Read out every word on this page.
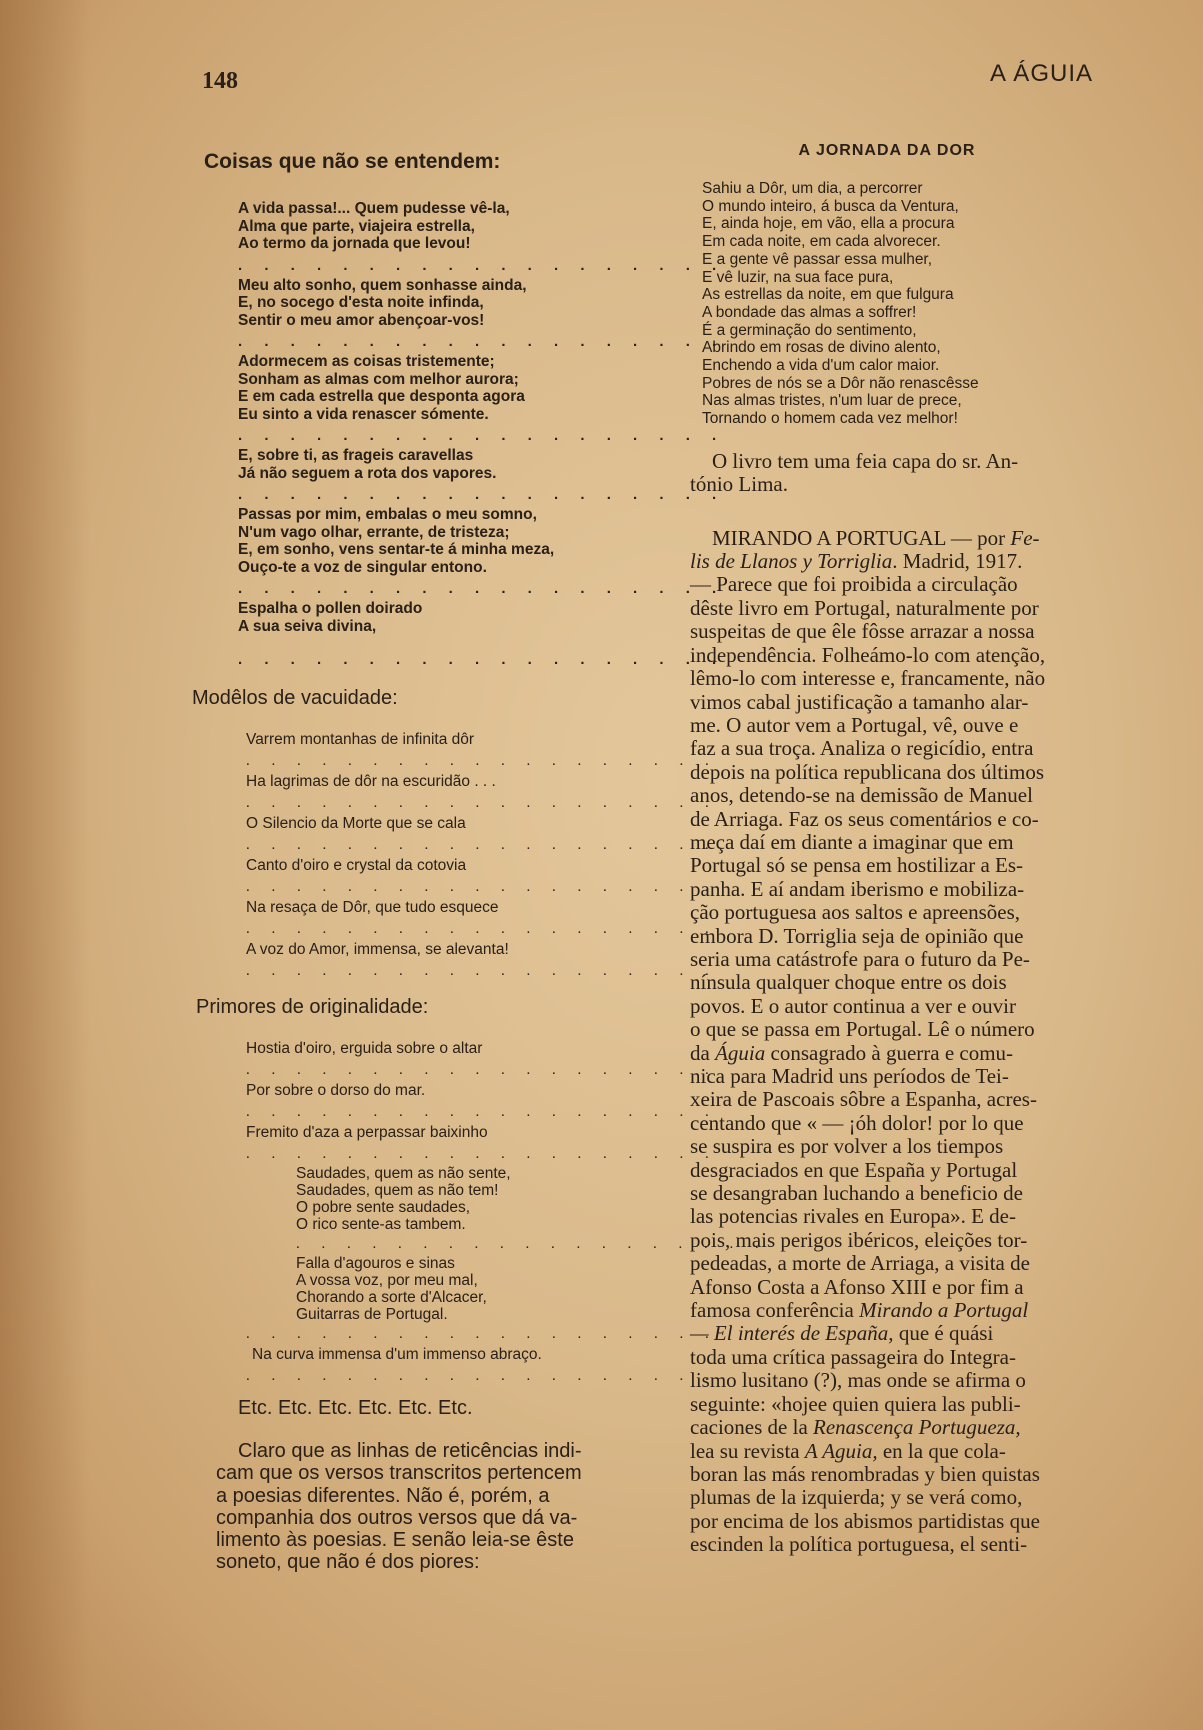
148	A ÁGUIA
Coisas que não se entendem:
A vida passa!... Quem pudesse vê-la,
Alma que parte, viajeira estrella,
Ao termo da jornada que levou!
. . . . . . . . . . . . . . . . . . .
Meu alto sonho, quem sonhasse ainda,
E, no socego d'esta noite infinda,
Sentir o meu amor abençoar-vos!
. . . . . . . . . . . . . . . . . . .
Adormecem as coisas tristemente;
Sonham as almas com melhor aurora;
E em cada estrella que desponta agora
Eu sinto a vida renascer sómente.
. . . . . . . . . . . . . . . . . . .
E, sobre ti, as frageis caravellas
Já não seguem a rota dos vapores.
. . . . . . . . . . . . . . . . . . .
Passas por mim, embalas o meu somno,
N'um vago olhar, errante, de tristeza;
E, em sonho, vens sentar-te á minha meza,
Ouço-te a voz de singular entono.
. . . . . . . . . . . . . . . . . . .
Espalha o pollen doirado
A sua seiva divina,
. . . . . . . . . . . . . . . . . . .
Modêlos de vacuidade:
Varrem montanhas de infinita dôr
. . . . . . . . . . . . . . . . . . .
Ha lagrimas de dôr na escuridão . . .
. . . . . . . . . . . . . . . . . . .
O Silencio da Morte que se cala
. . . . . . . . . . . . . . . . . . .
Canto d'oiro e crystal da cotovia
. . . . . . . . . . . . . . . . . . .
Na resaça de Dôr, que tudo esquece
. . . . . . . . . . . . . . . . . . .
A voz do Amor, immensa, se alevanta!
. . . . . . . . . . . . . . . . . . .
Primores de originalidade:
Hostia d'oiro, erguida sobre o altar
. . . . . . . . . . . . . . . . . . .
Por sobre o dorso do mar.
. . . . . . . . . . . . . . . . . . .
Fremito d'aza a perpassar baixinho
. . . . . . . . . . . . . . . . . . .
Saudades, quem as não sente,
Saudades, quem as não tem!
O pobre sente saudades,
O rico sente-as tambem.
. . . . . . . . . . . . . . . . . . .
Falla d'agouros e sinas
A vossa voz, por meu mal,
Chorando a sorte d'Alcacer,
Guitarras de Portugal.
. . . . . . . . . . . . . . . . . . .
Na curva immensa d'um immenso abraço.
. . . . . . . . . . . . . . . . . . .
Etc. Etc. Etc. Etc. Etc. Etc.
Claro que as linhas de reticências indi-
cam que os versos transcritos pertencem
a poesias diferentes. Não é, porém, a
companhia dos outros versos que dá va-
limento às poesias. E senão leia-se êste
soneto, que não é dos piores:
A JORNADA DA DOR
Sahiu a Dôr, um dia, a percorrer
O mundo inteiro, á busca da Ventura,
E, ainda hoje, em vão, ella a procura
Em cada noite, em cada alvorecer.
E a gente vê passar essa mulher,
E vê luzir, na sua face pura,
As estrellas da noite, em que fulgura
A bondade das almas a soffrer!
É a germinação do sentimento,
Abrindo em rosas de divino alento,
Enchendo a vida d'um calor maior.
Pobres de nós se a Dôr não renascêsse
Nas almas tristes, n'um luar de prece,
Tornando o homem cada vez melhor!
O livro tem uma feia capa do sr. An-
tónio Lima.
MIRANDO A PORTUGAL — por Fe-
lis de Llanos y Torriglia. Madrid, 1917.
— Parece que foi proibida a circulação
dêste livro em Portugal, naturalmente por
suspeitas de que êle fôsse arrazar a nossa
independência. Folheámo-lo com atenção,
lêmo-lo com interesse e, francamente, não
vimos cabal justificação a tamanho alar-
me. O autor vem a Portugal, vê, ouve e
faz a sua troça. Analiza o regicídio, entra
depois na política republicana dos últimos
anos, detendo-se na demissão de Manuel
de Arriaga. Faz os seus comentários e co-
meça daí em diante a imaginar que em
Portugal só se pensa em hostilizar a Es-
panha. E aí andam iberismo e mobiliza-
ção portuguesa aos saltos e apreensões,
embora D. Torriglia seja de opinião que
seria uma catástrofe para o futuro da Pe-
nínsula qualquer choque entre os dois
povos. E o autor continua a ver e ouvir
o que se passa em Portugal. Lê o número
da Águia consagrado à guerra e comu-
nica para Madrid uns períodos de Tei-
xeira de Pascoais sôbre a Espanha, acres-
centando que « — ¡óh dolor! por lo que
se suspira es por volver a los tiempos
desgraciados en que España y Portugal
se desangraban luchando a beneficio de
las potencias rivales en Europa». E de-
pois, mais perigos ibéricos, eleições tor-
pedeadas, a morte de Arriaga, a visita de
Afonso Costa a Afonso XIII e por fim a
famosa conferência Mirando a Portugal
— El interés de España, que é quási
toda uma crítica passageira do Integra-
lismo lusitano (?), mas onde se afirma o
seguinte: «hojee quien quiera las publi-
caciones de la Renascença Portugueza,
lea su revista A Aguia, en la que cola-
boran las más renombradas y bien quistas
plumas de la izquierda; y se verá como,
por encima de los abismos partidistas que
escinden la política portuguesa, el senti-
